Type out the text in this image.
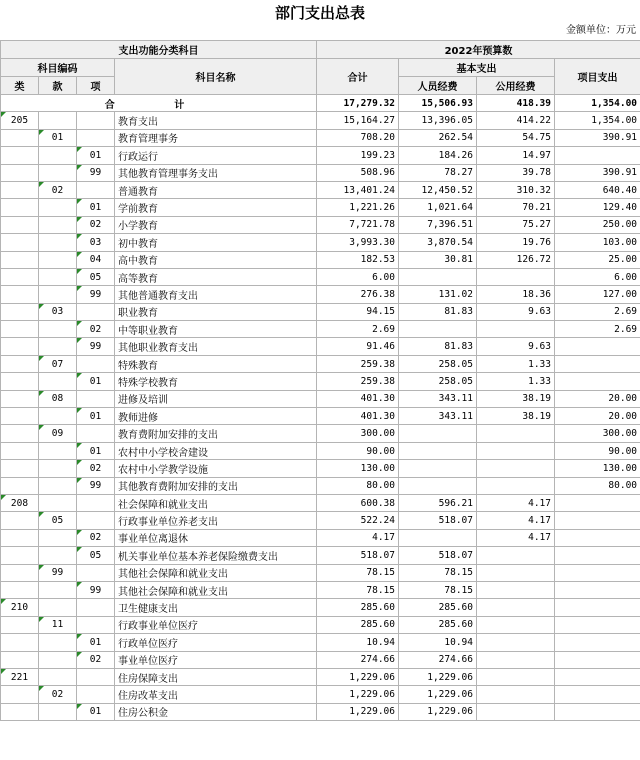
部门支出总表
金额单位：万元
支出功能分类科目				2022年预算数			
科目编码			科目名称	合计	基本支出		项目支出
类	款	项			人员经费	公用经费	
合 计				17,279.32	15,506.93	418.39	1,354.00
205			教育支出	15,164.27	13,396.05	414.22	1,354.00
	01		教育管理事务	708.20	262.54	54.75	390.91
		01	行政运行	199.23	184.26	14.97	
		99	其他教育管理事务支出	508.96	78.27	39.78	390.91
	02		普通教育	13,401.24	12,450.52	310.32	640.40
		01	学前教育	1,221.26	1,021.64	70.21	129.40
		02	小学教育	7,721.78	7,396.51	75.27	250.00
		03	初中教育	3,993.30	3,870.54	19.76	103.00
		04	高中教育	182.53	30.81	126.72	25.00
		05	高等教育	6.00			6.00
		99	其他普通教育支出	276.38	131.02	18.36	127.00
	03		职业教育	94.15	81.83	9.63	2.69
		02	中等职业教育	2.69			2.69
		99	其他职业教育支出	91.46	81.83	9.63	
	07		特殊教育	259.38	258.05	1.33	
		01	特殊学校教育	259.38	258.05	1.33	
	08		进修及培训	401.30	343.11	38.19	20.00
		01	教师进修	401.30	343.11	38.19	20.00
	09		教育费附加安排的支出	300.00			300.00
		01	农村中小学校舍建设	90.00			90.00
		02	农村中小学教学设施	130.00			130.00
		99	其他教育费附加安排的支出	80.00			80.00
208			社会保障和就业支出	600.38	596.21	4.17	
	05		行政事业单位养老支出	522.24	518.07	4.17	
		02	事业单位离退休	4.17		4.17	
		05	机关事业单位基本养老保险缴费支出	518.07	518.07		
	99		其他社会保障和就业支出	78.15	78.15		
		99	其他社会保障和就业支出	78.15	78.15		
210			卫生健康支出	285.60	285.60		
	11		行政事业单位医疗	285.60	285.60		
		01	行政单位医疗	10.94	10.94		
		02	事业单位医疗	274.66	274.66		
221			住房保障支出	1,229.06	1,229.06		
	02		住房改革支出	1,229.06	1,229.06		
		01	住房公积金	1,229.06	1,229.06		
